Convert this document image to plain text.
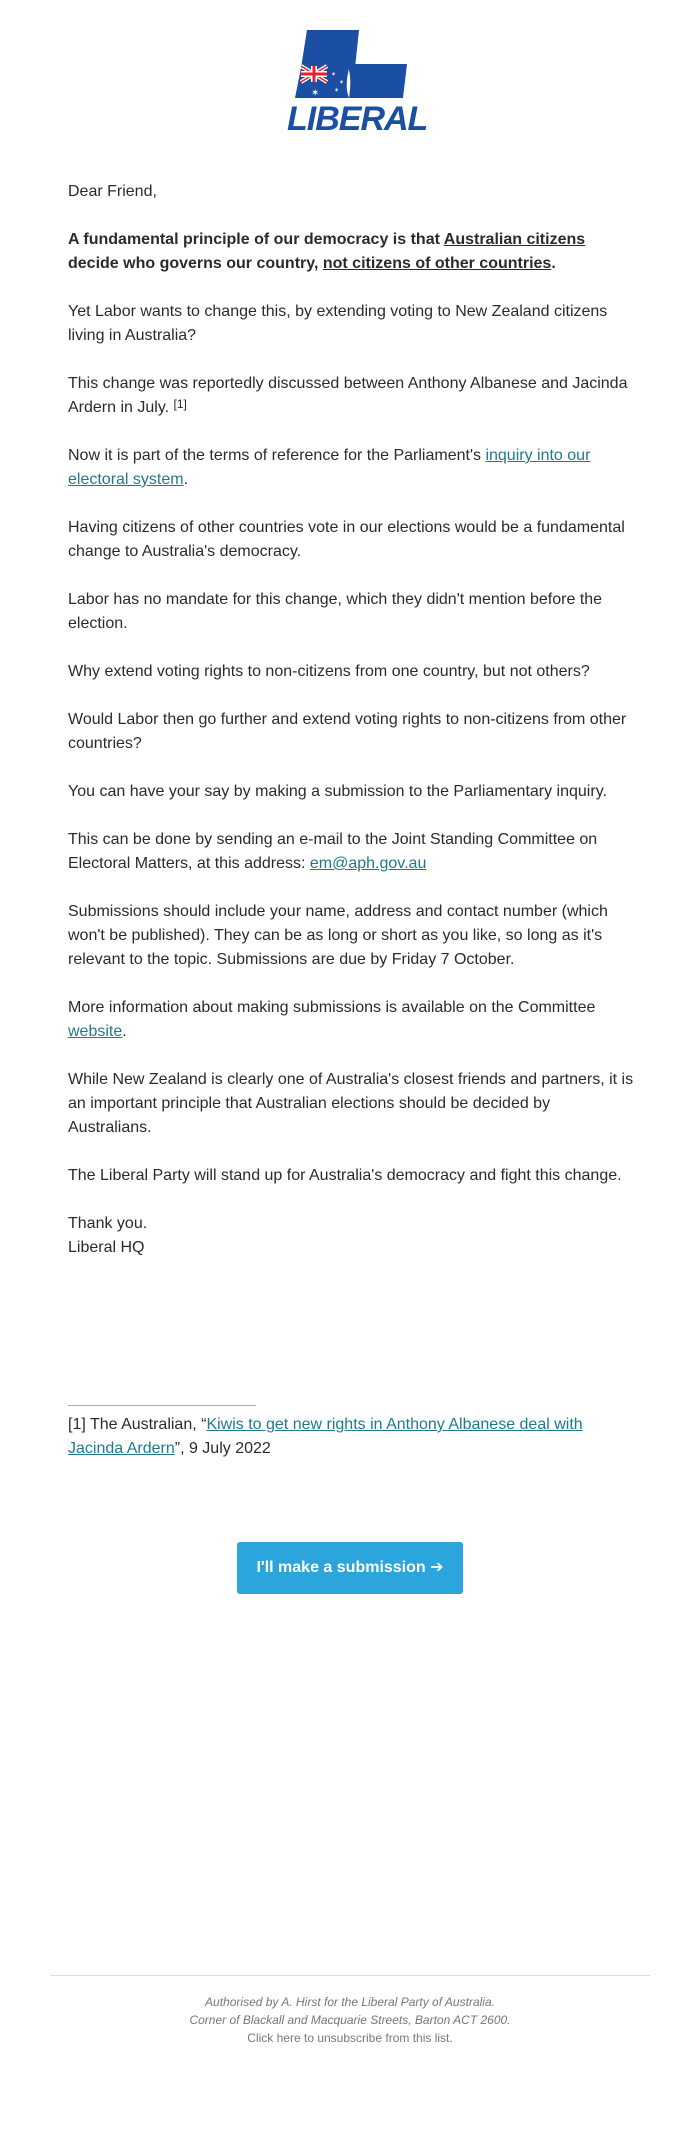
✶
✶
✶
✶
LIBERAL

Dear Friend,

A fundamental principle of our democracy is that Australian citizens decide who governs our country, not citizens of other countries.

Yet Labor wants to change this, by extending voting to New Zealand citizens living in Australia?

This change was reportedly discussed between Anthony Albanese and Jacinda Ardern in July. [1]

Now it is part of the terms of reference for the Parliament's inquiry into our electoral system.

Having citizens of other countries vote in our elections would be a fundamental change to Australia's democracy.

Labor has no mandate for this change, which they didn't mention before the election.

Why extend voting rights to non-citizens from one country, but not others?

Would Labor then go further and extend voting rights to non-citizens from other countries?

You can have your say by making a submission to the Parliamentary inquiry.

This can be done by sending an e-mail to the Joint Standing Committee on Electoral Matters, at this address: em@aph.gov.au

Submissions should include your name, address and contact number (which won't be published). They can be as long or short as you like, so long as it's relevant to the topic. Submissions are due by Friday 7 October.

More information about making submissions is available on the Committee website.

While New Zealand is clearly one of Australia's closest friends and partners, it is an important principle that Australian elections should be decided by Australians.

The Liberal Party will stand up for Australia's democracy and fight this change.

Thank you.
Liberal HQ

[1] The Australian, “Kiwis to get new rights in Anthony Albanese deal with Jacinda Ardern”, 9 July 2022
I'll make a submission ➔
Authorised by A. Hirst for the Liberal Party of Australia.
Corner of Blackall and Macquarie Streets, Barton ACT 2600.
Click here to unsubscribe from this list.
